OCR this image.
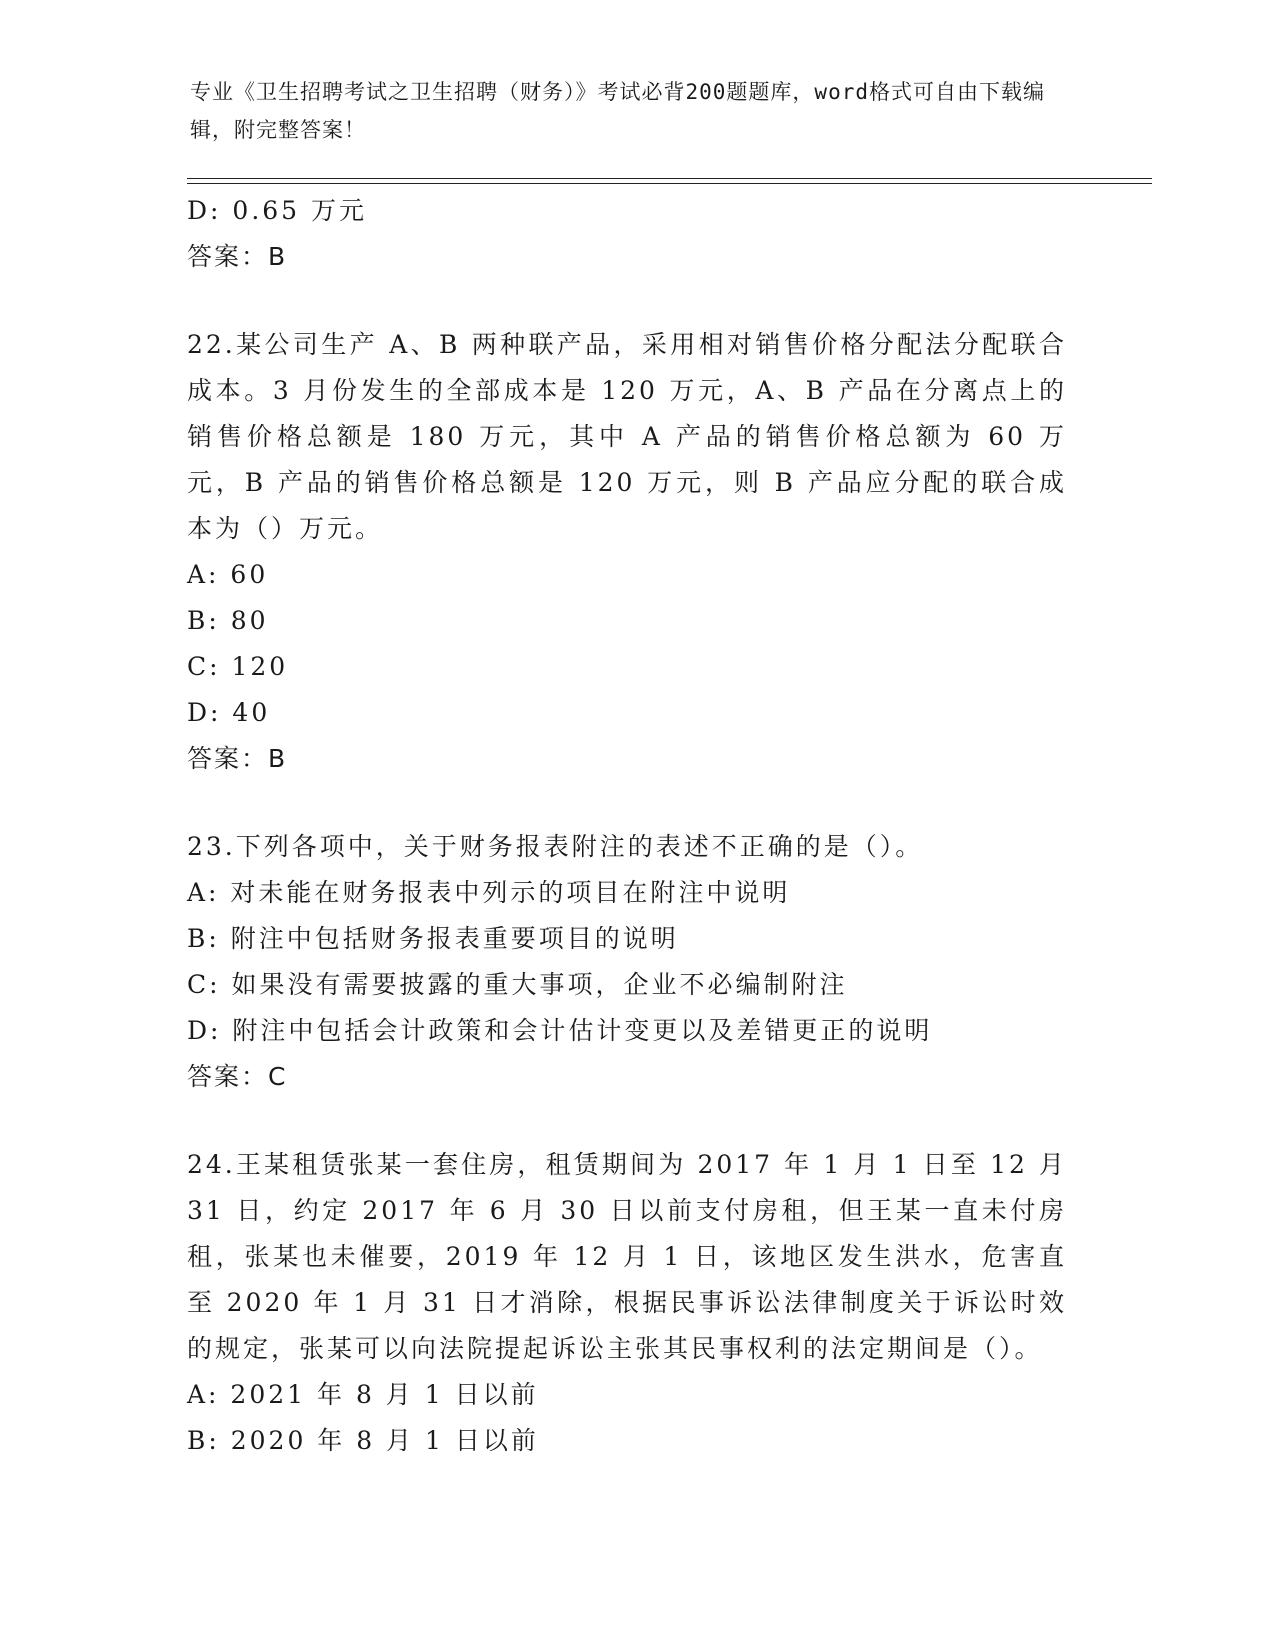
专业《卫生招聘考试之卫生招聘（财务）》考试必背200题题库，word格式可自由下载编辑，附完整答案！
D: 0.65 万元
答案：B
22.某公司生产 A、B 两种联产品，采用相对销售价格分配法分配联合成本。3 月份发生的全部成本是 120 万元，A、B 产品在分离点上的销售价格总额是 180 万元，其中 A 产品的销售价格总额为 60 万元，B 产品的销售价格总额是 120 万元，则 B 产品应分配的联合成本为（）万元。
A: 60
B: 80
C: 120
D: 40
答案：B
23.下列各项中，关于财务报表附注的表述不正确的是（）。
A: 对未能在财务报表中列示的项目在附注中说明
B: 附注中包括财务报表重要项目的说明
C: 如果没有需要披露的重大事项，企业不必编制附注
D: 附注中包括会计政策和会计估计变更以及差错更正的说明
答案：C
24.王某租赁张某一套住房，租赁期间为 2017 年 1 月 1 日至 12 月 31 日，约定 2017 年 6 月 30 日以前支付房租，但王某一直未付房租，张某也未催要，2019 年 12 月 1 日，该地区发生洪水，危害直至 2020 年 1 月 31 日才消除，根据民事诉讼法律制度关于诉讼时效的规定，张某可以向法院提起诉讼主张其民事权利的法定期间是（）。
A: 2021 年 8 月 1 日以前
B: 2020 年 8 月 1 日以前
